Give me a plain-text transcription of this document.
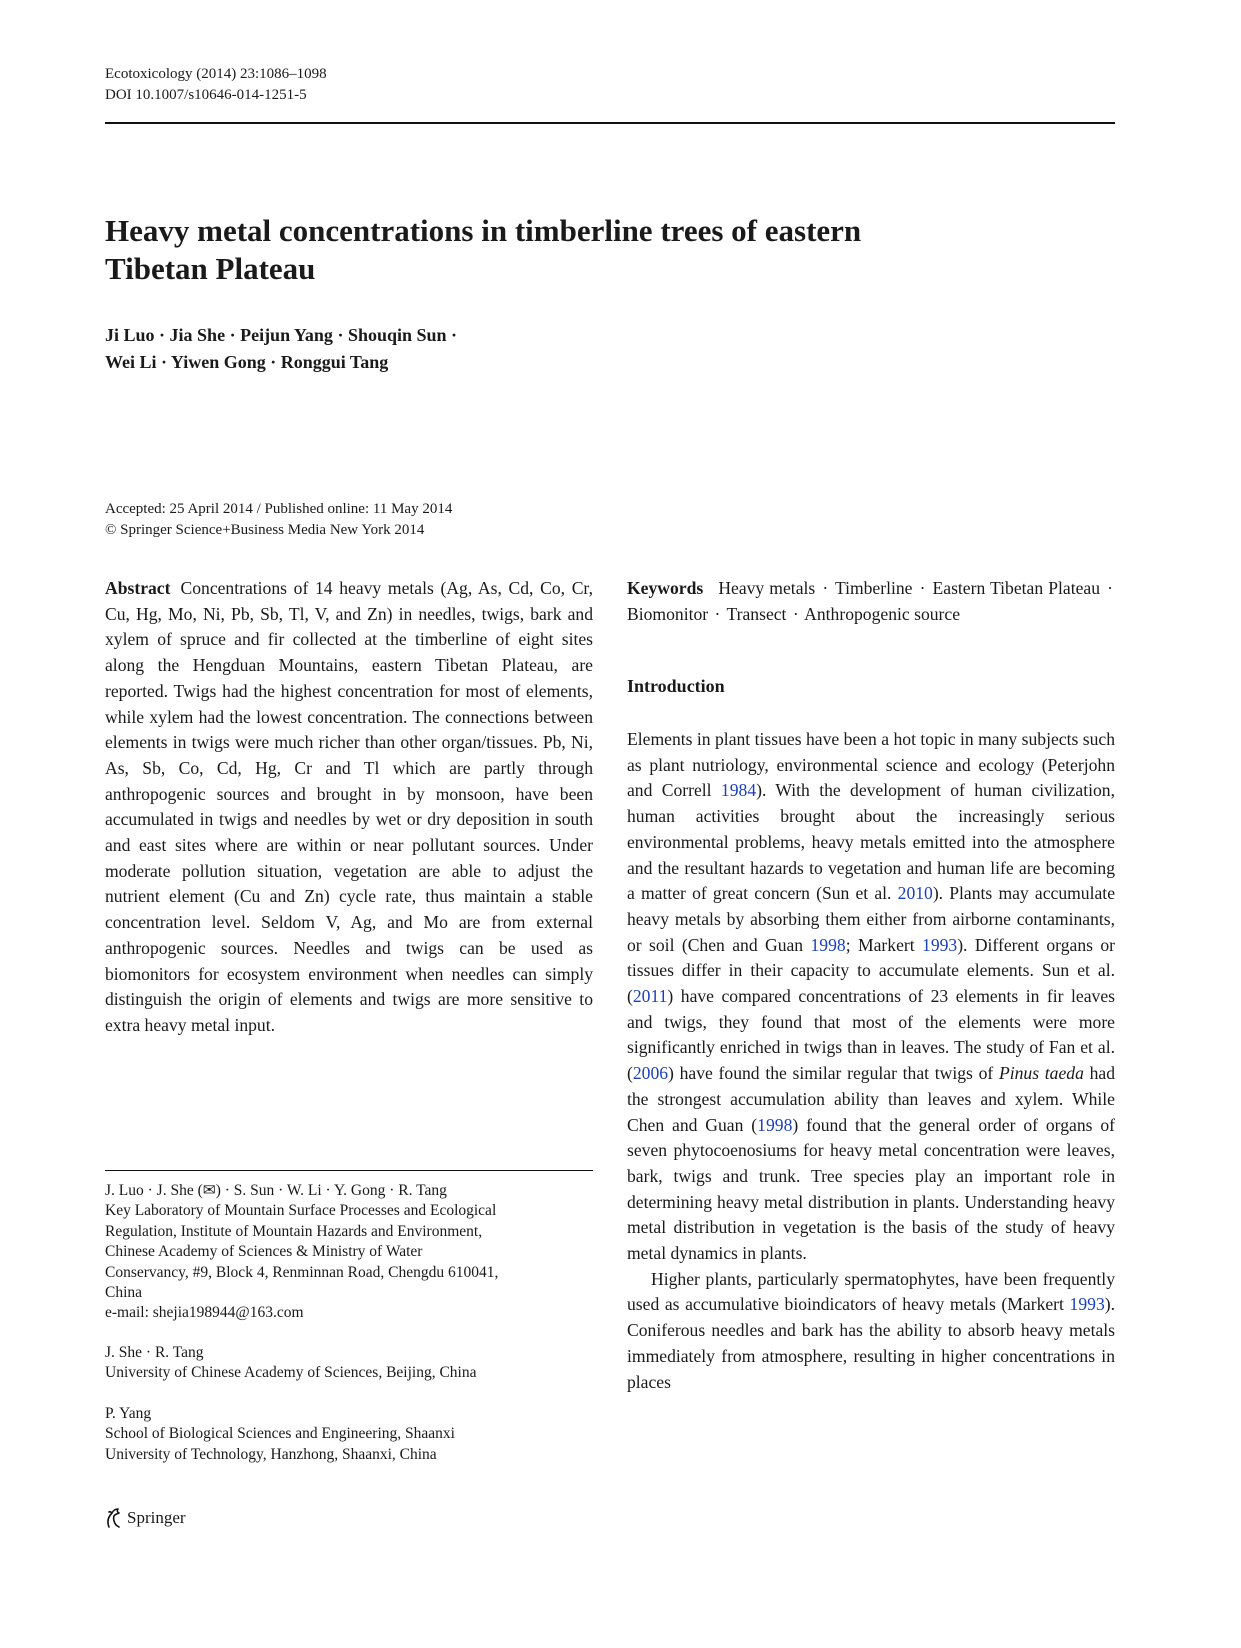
Ecotoxicology (2014) 23:1086–1098
DOI 10.1007/s10646-014-1251-5
Heavy metal concentrations in timberline trees of eastern
Tibetan Plateau
Ji Luo · Jia She · Peijun Yang · Shouqin Sun ·
Wei Li · Yiwen Gong · Ronggui Tang
Accepted: 25 April 2014 / Published online: 11 May 2014
© Springer Science+Business Media New York 2014
Abstract Concentrations of 14 heavy metals (Ag, As, Cd, Co, Cr, Cu, Hg, Mo, Ni, Pb, Sb, Tl, V, and Zn) in needles, twigs, bark and xylem of spruce and fir collected at the timberline of eight sites along the Hengduan Mountains, eastern Tibetan Plateau, are reported. Twigs had the highest concentration for most of elements, while xylem had the lowest concentration. The connections between elements in twigs were much richer than other organ/tissues. Pb, Ni, As, Sb, Co, Cd, Hg, Cr and Tl which are partly through anthropogenic sources and brought in by monsoon, have been accumulated in twigs and needles by wet or dry deposition in south and east sites where are within or near pollutant sources. Under moderate pollution situation, vegetation are able to adjust the nutrient element (Cu and Zn) cycle rate, thus maintain a stable concentration level. Seldom V, Ag, and Mo are from external anthropogenic sources. Needles and twigs can be used as biomonitors for ecosystem environment when needles can simply distinguish the origin of elements and twigs are more sensitive to extra heavy metal input.
Keywords Heavy metals · Timberline · Eastern Tibetan Plateau · Biomonitor · Transect · Anthropogenic source
Introduction

Elements in plant tissues have been a hot topic in many subjects such as plant nutriology, environmental science and ecology (Peterjohn and Correll 1984). With the development of human civilization, human activities brought about the increasingly serious environmental problems, heavy metals emitted into the atmosphere and the resultant hazards to vegetation and human life are becoming a matter of great concern (Sun et al. 2010). Plants may accumulate heavy metals by absorbing them either from airborne contaminants, or soil (Chen and Guan 1998; Markert 1993). Different organs or tissues differ in their capacity to accumulate elements. Sun et al. (2011) have compared concentrations of 23 elements in fir leaves and twigs, they found that most of the elements were more significantly enriched in twigs than in leaves. The study of Fan et al. (2006) have found the similar regular that twigs of Pinus taeda had the strongest accumulation ability than leaves and xylem. While Chen and Guan (1998) found that the general order of organs of seven phytocoenosiums for heavy metal concentration were leaves, bark, twigs and trunk. Tree species play an important role in determining heavy metal distribution in plants. Understanding heavy metal distribution in vegetation is the basis of the study of heavy metal dynamics in plants.

Higher plants, particularly spermatophytes, have been frequently used as accumulative bioindicators of heavy metals (Markert 1993). Coniferous needles and bark has the ability to absorb heavy metals immediately from atmosphere, resulting in higher concentrations in places

J. Luo · J. She (✉) · S. Sun · W. Li · Y. Gong · R. Tang
Key Laboratory of Mountain Surface Processes and Ecological
Regulation, Institute of Mountain Hazards and Environment,
Chinese Academy of Sciences & Ministry of Water
Conservancy, #9, Block 4, Renminnan Road, Chengdu 610041,
China
e-mail: shejia198944@163.com
J. She · R. Tang
University of Chinese Academy of Sciences, Beijing, China
P. Yang
School of Biological Sciences and Engineering, Shaanxi
University of Technology, Hanzhong, Shaanxi, China
Springer
